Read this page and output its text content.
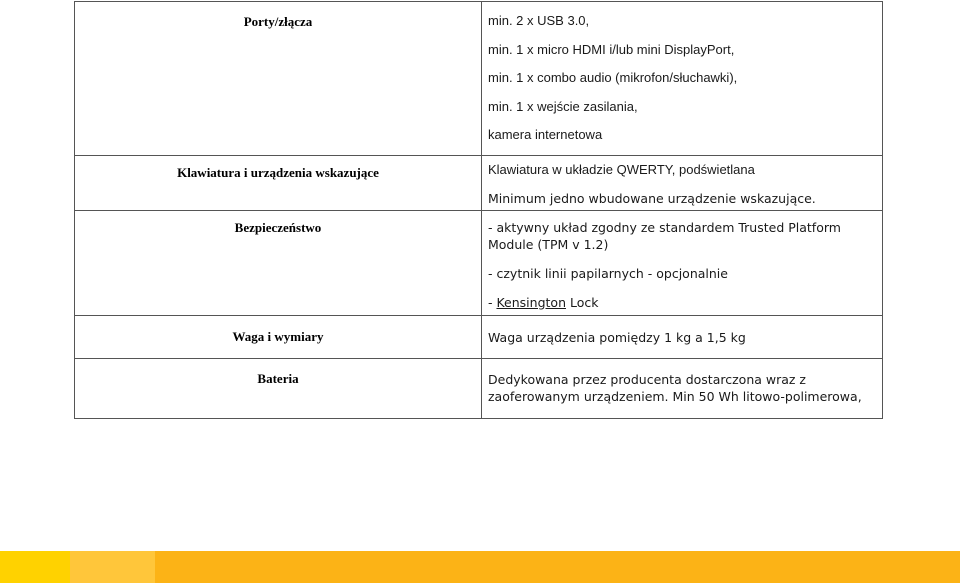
Porty/złącza	min. 2 x USB 3.0,
min. 1 x micro HDMI i/lub mini DisplayPort,
min. 1 x combo audio (mikrofon/słuchawki),
min. 1 x wejście zasilania,
kamera internetowa

Klawiatura i urządzenia wskazujące	Klawiatura w układzie QWERTY, podświetlana
Minimum jedno wbudowane urządzenie wskazujące.

Bezpieczeństwo	- aktywny układ zgodny ze standardem Trusted Platform Module (TPM v 1.2)
- czytnik linii papilarnych - opcjonalnie
- Kensington Lock

Waga i wymiary	Waga urządzenia pomiędzy 1 kg a 1,5 kg

Bateria	Dedykowana przez producenta dostarczona wraz z zaoferowanym urządzeniem. Min 50 Wh litowo-polimerowa,
